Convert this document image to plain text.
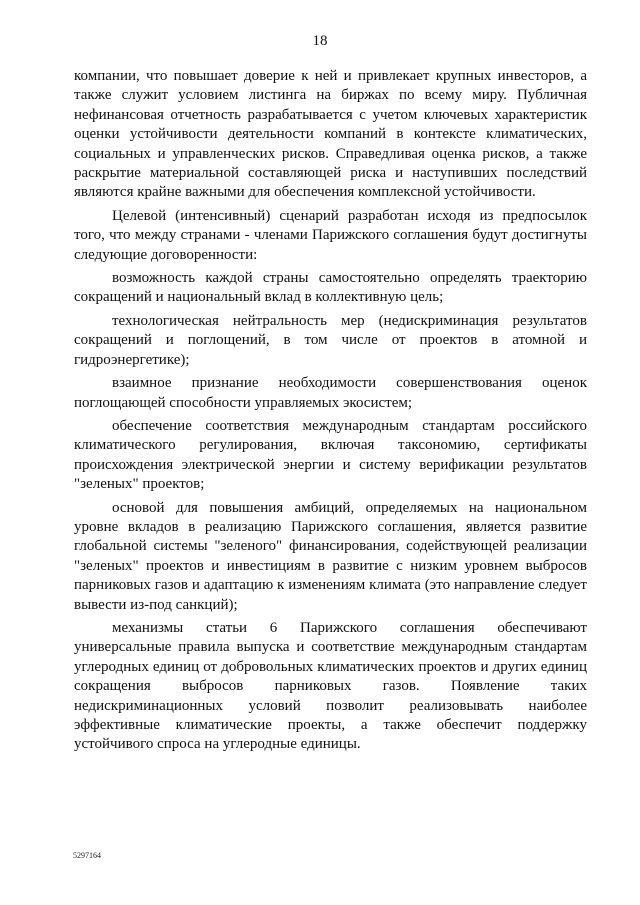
18

компании, что повышает доверие к ней и привлекает крупных инвесторов, а также служит условием листинга на биржах по всему миру. Публичная нефинансовая отчетность разрабатывается с учетом ключевых характеристик оценки устойчивости деятельности компаний в контексте климатических, социальных и управленческих рисков. Справедливая оценка рисков, а также раскрытие материальной составляющей риска и наступивших последствий являются крайне важными для обеспечения комплексной устойчивости.

Целевой (интенсивный) сценарий разработан исходя из предпосылок того, что между странами - членами Парижского соглашения будут достигнуты следующие договоренности:

возможность каждой страны самостоятельно определять траекторию сокращений и национальный вклад в коллективную цель;

технологическая нейтральность мер (недискриминация результатов сокращений и поглощений, в том числе от проектов в атомной и гидроэнергетике);

взаимное признание необходимости совершенствования оценок поглощающей способности управляемых экосистем;

обеспечение соответствия международным стандартам российского климатического регулирования, включая таксономию, сертификаты происхождения электрической энергии и систему верификации результатов "зеленых" проектов;

основой для повышения амбиций, определяемых на национальном уровне вкладов в реализацию Парижского соглашения, является развитие глобальной системы "зеленого" финансирования, содействующей реализации "зеленых" проектов и инвестициям в развитие с низким уровнем выбросов парниковых газов и адаптацию к изменениям климата (это направление следует вывести из-под санкций);

механизмы статьи 6 Парижского соглашения обеспечивают универсальные правила выпуска и соответствие международным стандартам углеродных единиц от добровольных климатических проектов и других единиц сокращения выбросов парниковых газов. Появление таких недискриминационных условий позволит реализовывать наиболее эффективные климатические проекты, а также обеспечит поддержку устойчивого спроса на углеродные единицы.

5297164
